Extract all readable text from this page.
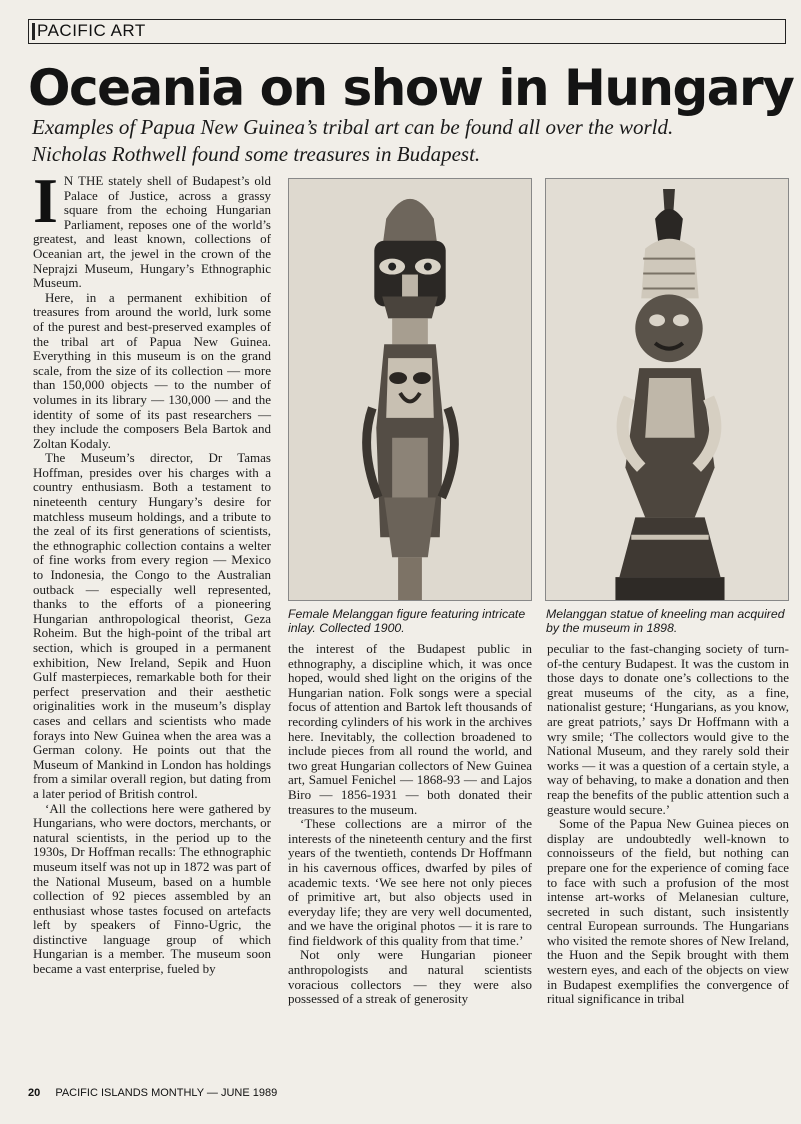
PACIFIC ART
Oceania on show in Hungary

Examples of Papua New Guinea’s tribal art can be found all over the world. Nicholas Rothwell found some treasures in Budapest.

I N THE stately shell of Budapest’s old Palace of Justice, across a grassy square from the echoing Hungarian Parliament, reposes one of the world’s greatest, and least known, collections of Oceanian art, the jewel in the crown of the Neprajzi Museum, Hungary’s Ethnographic Museum.

Here, in a permanent exhibition of treasures from around the world, lurk some of the purest and best-preserved examples of the tribal art of Papua New Guinea. Everything in this museum is on the grand scale, from the size of its collection — more than 150,000 objects — to the number of volumes in its library — 130,000 — and the identity of some of its past researchers — they include the composers Bela Bartok and Zoltan Kodaly.

The Museum’s director, Dr Tamas Hoffman, presides over his charges with a country enthusiasm. Both a testament to nineteenth century Hungary’s desire for matchless museum holdings, and a tribute to the zeal of its first generations of scientists, the ethnographic collection contains a welter of fine works from every region — Mexico to Indonesia, the Congo to the Australian outback — especially well represented, thanks to the efforts of a pioneering Hungarian anthropological theorist, Geza Roheim. But the high-point of the tribal art section, which is grouped in a permanent exhibition, New Ireland, Sepik and Huon Gulf masterpieces, remarkable both for their perfect preservation and their aesthetic originalities work in the museum’s display cases and cellars and scientists who made forays into New Guinea when the area was a German colony. He points out that the Museum of Mankind in London has holdings from a similar overall region, but dating from a later period of British control.

‘All the collections here were gathered by Hungarians, who were doctors, merchants, or natural scientists, in the period up to the 1930s, Dr Hoffman recalls: The ethnographic museum itself was not up in 1872 was part of the National Museum, based on a humble collection of 92 pieces assembled by an enthusiast whose tastes focused on artefacts left by speakers of Finno-Ugric, the distinctive language group of which Hungarian is a member. The museum soon became a vast enterprise, fueled by

Female Melanggan figure featuring intricate inlay. Collected 1900.
Melanggan statue of kneeling man acquired by the museum in 1898.

the interest of the Budapest public in ethnography, a discipline which, it was once hoped, would shed light on the origins of the Hungarian nation. Folk songs were a special focus of attention and Bartok left thousands of recording cylinders of his work in the archives here. Inevitably, the collection broadened to include pieces from all round the world, and two great Hungarian collectors of New Guinea art, Samuel Fenichel — 1868-93 — and Lajos Biro — 1856-1931 — both donated their treasures to the museum.

‘These collections are a mirror of the interests of the nineteenth century and the first years of the twentieth, contends Dr Hoffmann in his cavernous offices, dwarfed by piles of academic texts. ‘We see here not only pieces of primitive art, but also objects used in everyday life; they are very well documented, and we have the original photos — it is rare to find fieldwork of this quality from that time.’

Not only were Hungarian pioneer anthropologists and natural scientists voracious collectors — they were also possessed of a streak of generosity

peculiar to the fast-changing society of turn-of-the century Budapest. It was the custom in those days to donate one’s collections to the great museums of the city, as a fine, nationalist gesture; ‘Hungarians, as you know, are great patriots,’ says Dr Hoffmann with a wry smile; ‘The collectors would give to the National Museum, and they rarely sold their works — it was a question of a certain style, a way of behaving, to make a donation and then reap the benefits of the public attention such a geasture would secure.’

Some of the Papua New Guinea pieces on display are undoubtedly well-known to connoisseurs of the field, but nothing can prepare one for the experience of coming face to face with such a profusion of the most intense art-works of Melanesian culture, secreted in such distant, such insistently central European surrounds. The Hungarians who visited the remote shores of New Ireland, the Huon and the Sepik brought with them western eyes, and each of the objects on view in Budapest exemplifies the convergence of ritual significance in tribal

20 PACIFIC ISLANDS MONTHLY — JUNE 1989
